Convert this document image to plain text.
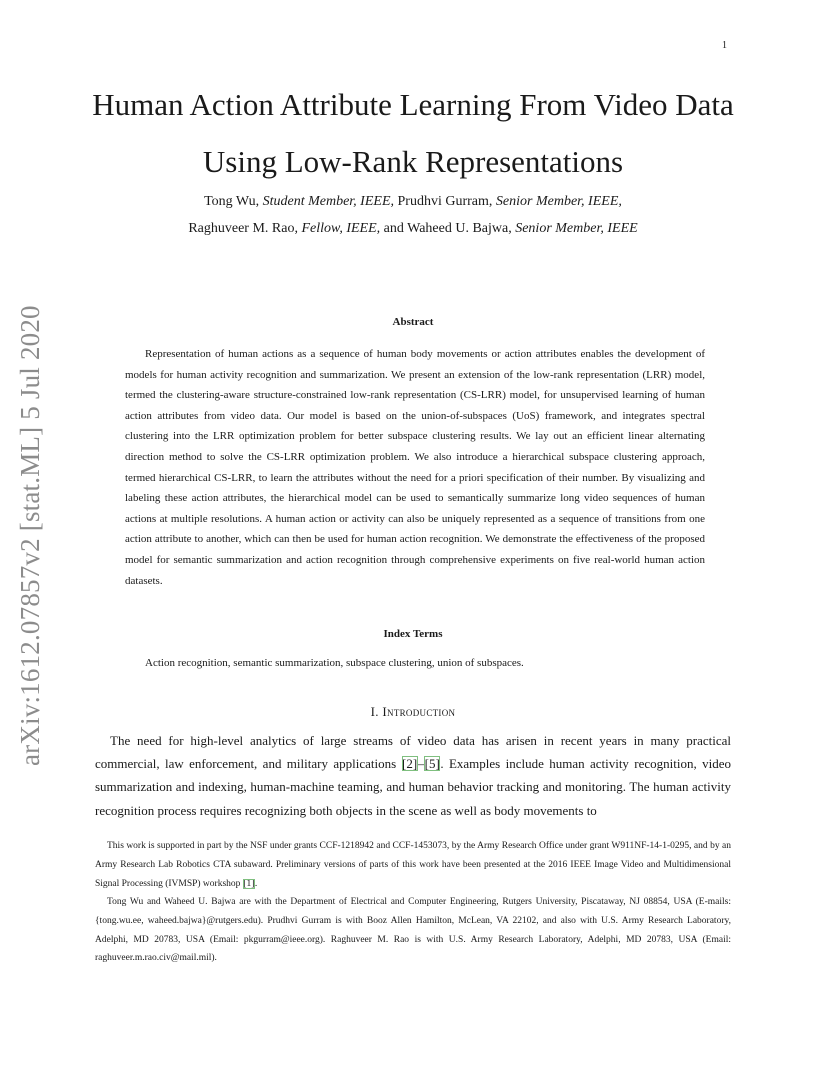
1
arXiv:1612.07857v2 [stat.ML] 5 Jul 2020
Human Action Attribute Learning From Video Data Using Low-Rank Representations
Tong Wu, Student Member, IEEE, Prudhvi Gurram, Senior Member, IEEE,
Raghuveer M. Rao, Fellow, IEEE, and Waheed U. Bajwa, Senior Member, IEEE
Abstract
Representation of human actions as a sequence of human body movements or action attributes enables the development of models for human activity recognition and summarization. We present an extension of the low-rank representation (LRR) model, termed the clustering-aware structure-constrained low-rank representation (CS-LRR) model, for unsupervised learning of human action attributes from video data. Our model is based on the union-of-subspaces (UoS) framework, and integrates spectral clustering into the LRR optimization problem for better subspace clustering results. We lay out an efficient linear alternating direction method to solve the CS-LRR optimization problem. We also introduce a hierarchical subspace clustering approach, termed hierarchical CS-LRR, to learn the attributes without the need for a priori specification of their number. By visualizing and labeling these action attributes, the hierarchical model can be used to semantically summarize long video sequences of human actions at multiple resolutions. A human action or activity can also be uniquely represented as a sequence of transitions from one action attribute to another, which can then be used for human action recognition. We demonstrate the effectiveness of the proposed model for semantic summarization and action recognition through comprehensive experiments on five real-world human action datasets.
Index Terms
Action recognition, semantic summarization, subspace clustering, union of subspaces.
I. Introduction
The need for high-level analytics of large streams of video data has arisen in recent years in many practical commercial, law enforcement, and military applications [2]–[5]. Examples include human activity recognition, video summarization and indexing, human-machine teaming, and human behavior tracking and monitoring. The human activity recognition process requires recognizing both objects in the scene as well as body movements to
This work is supported in part by the NSF under grants CCF-1218942 and CCF-1453073, by the Army Research Office under grant W911NF-14-1-0295, and by an Army Research Lab Robotics CTA subaward. Preliminary versions of parts of this work have been presented at the 2016 IEEE Image Video and Multidimensional Signal Processing (IVMSP) workshop [1].
Tong Wu and Waheed U. Bajwa are with the Department of Electrical and Computer Engineering, Rutgers University, Piscataway, NJ 08854, USA (E-mails: {tong.wu.ee, waheed.bajwa}@rutgers.edu). Prudhvi Gurram is with Booz Allen Hamilton, McLean, VA 22102, and also with U.S. Army Research Laboratory, Adelphi, MD 20783, USA (Email: pkgurram@ieee.org). Raghuveer M. Rao is with U.S. Army Research Laboratory, Adelphi, MD 20783, USA (Email: raghuveer.m.rao.civ@mail.mil).
